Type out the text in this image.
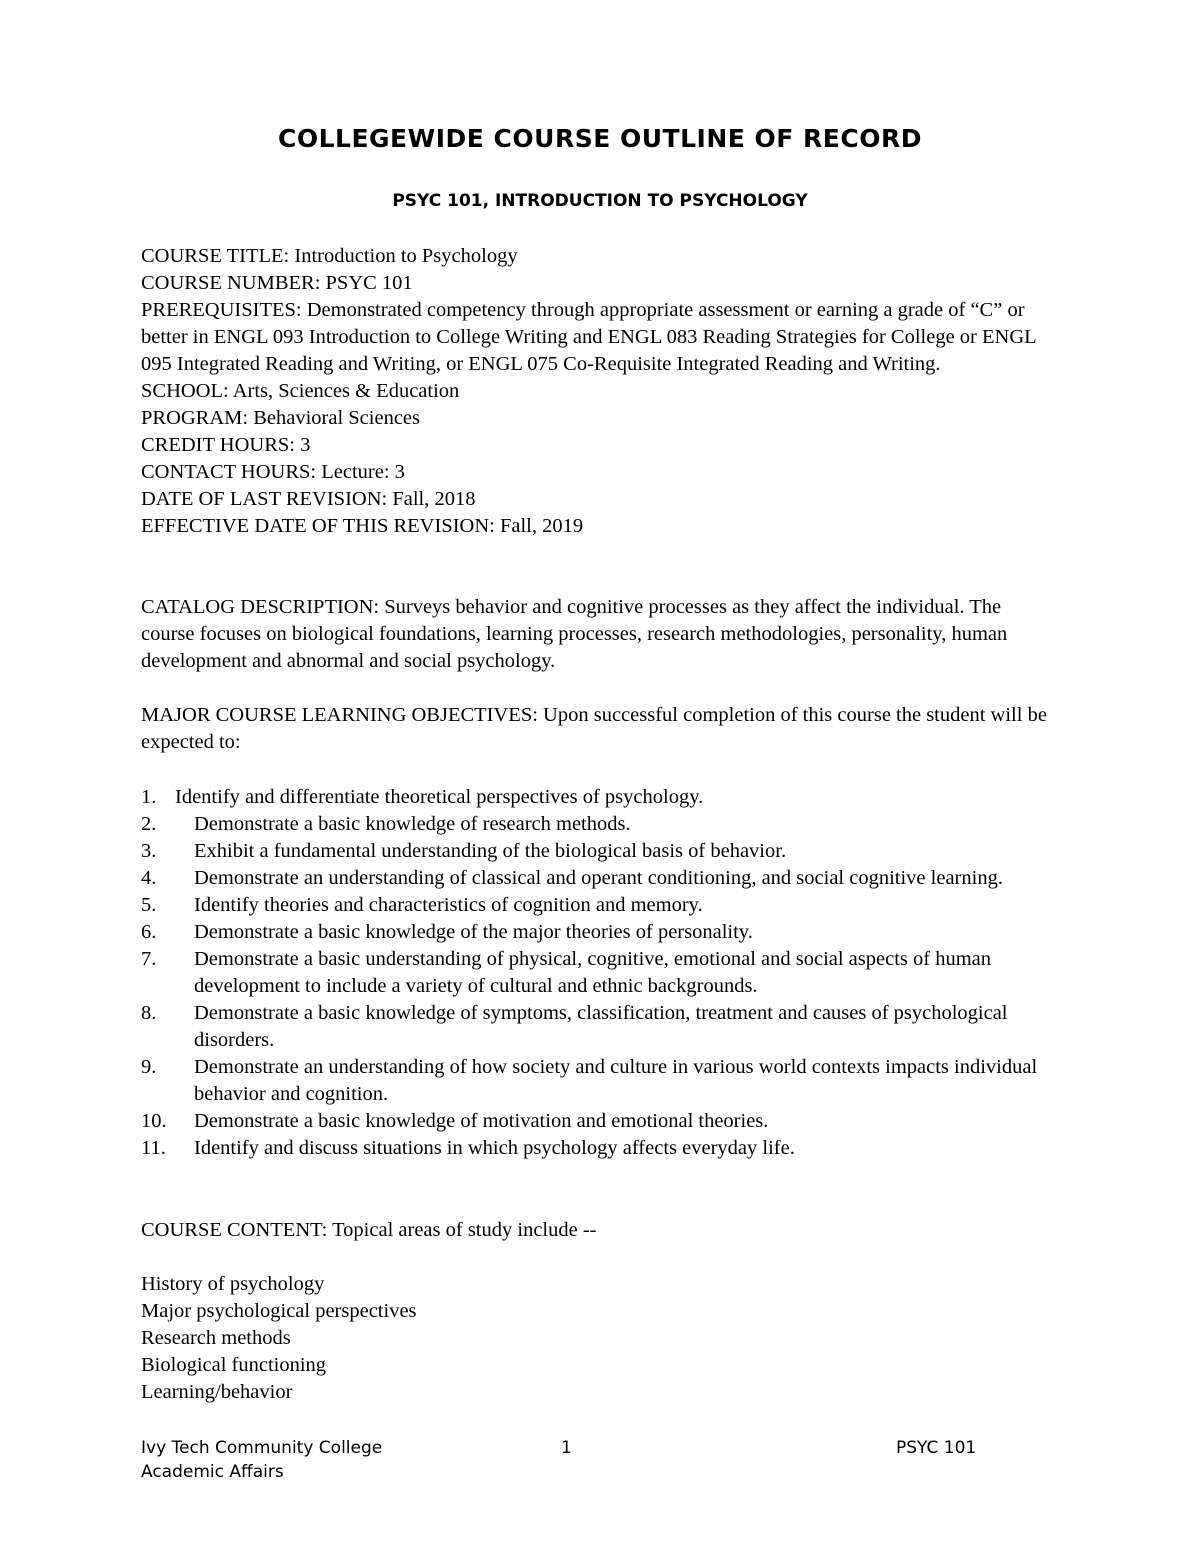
COLLEGEWIDE COURSE OUTLINE OF RECORD
PSYC 101, INTRODUCTION TO PSYCHOLOGY
COURSE TITLE: Introduction to Psychology
COURSE NUMBER: PSYC 101
PREREQUISITES: Demonstrated competency through appropriate assessment or earning a grade of “C” or better in ENGL 093 Introduction to College Writing and ENGL 083 Reading Strategies for College or ENGL 095 Integrated Reading and Writing, or ENGL 075 Co-Requisite Integrated Reading and Writing.
SCHOOL: Arts, Sciences & Education
PROGRAM: Behavioral Sciences
CREDIT HOURS: 3
CONTACT HOURS: Lecture: 3
DATE OF LAST REVISION: Fall, 2018
EFFECTIVE DATE OF THIS REVISION: Fall, 2019
CATALOG DESCRIPTION: Surveys behavior and cognitive processes as they affect the individual. The course focuses on biological foundations, learning processes, research methodologies, personality, human development and abnormal and social psychology.
MAJOR COURSE LEARNING OBJECTIVES: Upon successful completion of this course the student will be expected to:
1. Identify and differentiate theoretical perspectives of psychology.
2. Demonstrate a basic knowledge of research methods.
3. Exhibit a fundamental understanding of the biological basis of behavior.
4. Demonstrate an understanding of classical and operant conditioning, and social cognitive learning.
5. Identify theories and characteristics of cognition and memory.
6. Demonstrate a basic knowledge of the major theories of personality.
7. Demonstrate a basic understanding of physical, cognitive, emotional and social aspects of human development to include a variety of cultural and ethnic backgrounds.
8. Demonstrate a basic knowledge of symptoms, classification, treatment and causes of psychological disorders.
9. Demonstrate an understanding of how society and culture in various world contexts impacts individual behavior and cognition.
10. Demonstrate a basic knowledge of motivation and emotional theories.
11. Identify and discuss situations in which psychology affects everyday life.
COURSE CONTENT: Topical areas of study include --
History of psychology
Major psychological perspectives
Research methods
Biological functioning
Learning/behavior
Ivy Tech Community College
Academic Affairs
1	PSYC 101
